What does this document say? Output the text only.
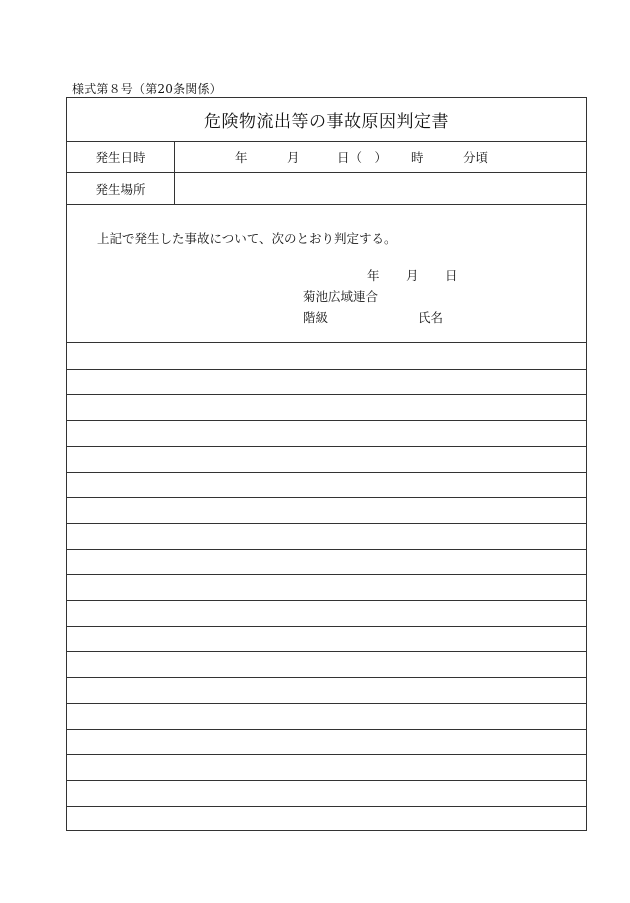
様式第８号（第20条関係）
危険物流出等の事故原因判定書
発生日時	年	月	日（　） 時	分頃
発生場所
上記で発生した事故について、次のとおり判定する。
年 月 日
菊池広域連合
階級	氏名
